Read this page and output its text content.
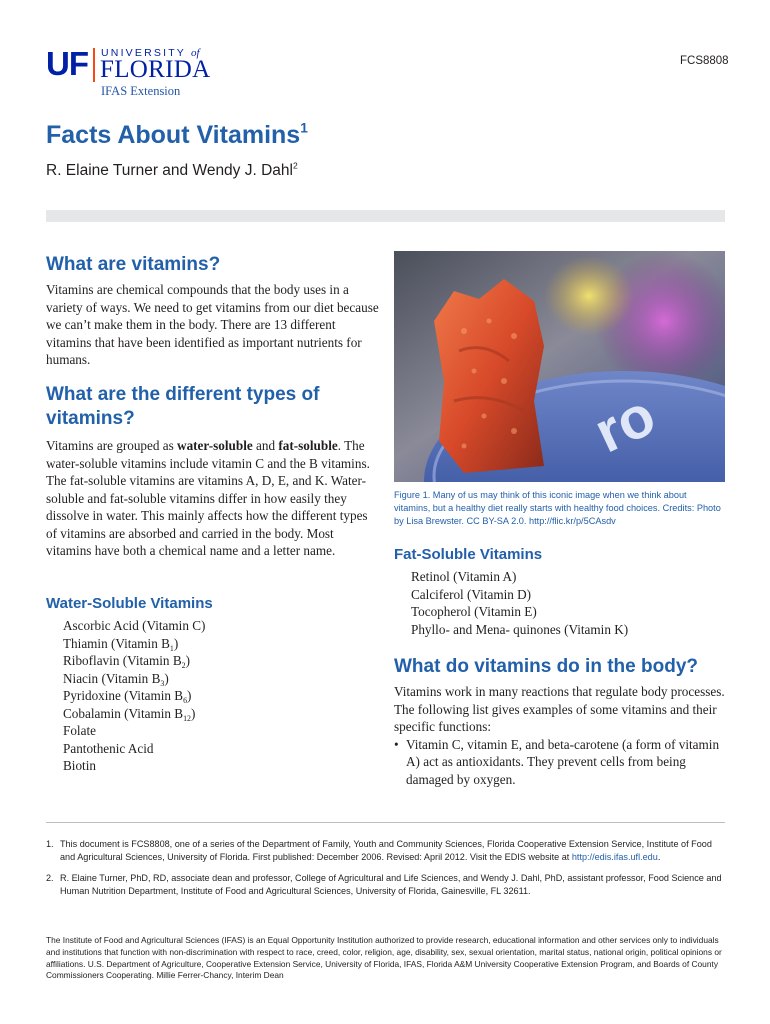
UF UNIVERSITY of
FLORIDA
IFAS Extension
FCS8808
Facts About Vitamins$^1$
R. Elaine Turner and Wendy J. Dahl$^2$
What are vitamins?

Vitamins are chemical compounds that the body uses in a variety of ways. We need to get vitamins from our diet because we can’t make them in the body. There are 13 different vitamins that have been identified as important nutrients for humans.

What are the different types of vitamins?

Vitamins are grouped as water-soluble and fat-soluble. The water-soluble vitamins include vitamin C and the B vitamins. The fat-soluble vitamins are vitamins A, D, E, and K. Water-soluble and fat-soluble vitamins differ in how easily they dissolve in water. This mainly affects how the different types of vitamins are absorbed and carried in the body. Most vitamins have both a chemical name and a letter name.

Water-Soluble Vitamins
Ascorbic Acid (Vitamin C)
Thiamin (Vitamin $B_1$)
Riboflavin (Vitamin $B_2$)
Niacin (Vitamin $B_3$)
Pyridoxine (Vitamin $B_6$)
Cobalamin (Vitamin $B_{12}$)
Folate
Pantothenic Acid
Biotin
ro
Figure 1. Many of us may think of this iconic image when we think about vitamins, but a healthy diet really starts with healthy food choices. Credits: Photo by Lisa Brewster. CC BY-SA 2.0. http://flic.kr/p/5CAsdv
Fat-Soluble Vitamins
Retinol (Vitamin A)
Calciferol (Vitamin D)
Tocopherol (Vitamin E)
Phyllo- and Mena- quinones (Vitamin K)
What do vitamins do in the body?

Vitamins work in many reactions that regulate body processes. The following list gives examples of some vitamins and their specific functions:

• Vitamin C, vitamin E, and beta-carotene (a form of vitamin A) act as antioxidants. They prevent cells from being damaged by oxygen.
1. This document is FCS8808, one of a series of the Department of Family, Youth and Community Sciences, Florida Cooperative Extension Service, Institute of Food and Agricultural Sciences, University of Florida. First published: December 2006. Revised: April 2012. Visit the EDIS website at http://edis.ifas.ufl.edu.
2. R. Elaine Turner, PhD, RD, associate dean and professor, College of Agricultural and Life Sciences, and Wendy J. Dahl, PhD, assistant professor, Food Science and Human Nutrition Department, Institute of Food and Agricultural Sciences, University of Florida, Gainesville, FL 32611.
The Institute of Food and Agricultural Sciences (IFAS) is an Equal Opportunity Institution authorized to provide research, educational information and other services only to individuals and institutions that function with non-discrimination with respect to race, creed, color, religion, age, disability, sex, sexual orientation, marital status, national origin, political opinions or affiliations. U.S. Department of Agriculture, Cooperative Extension Service, University of Florida, IFAS, Florida A&M University Cooperative Extension Program, and Boards of County Commissioners Cooperating. Millie Ferrer-Chancy, Interim Dean
